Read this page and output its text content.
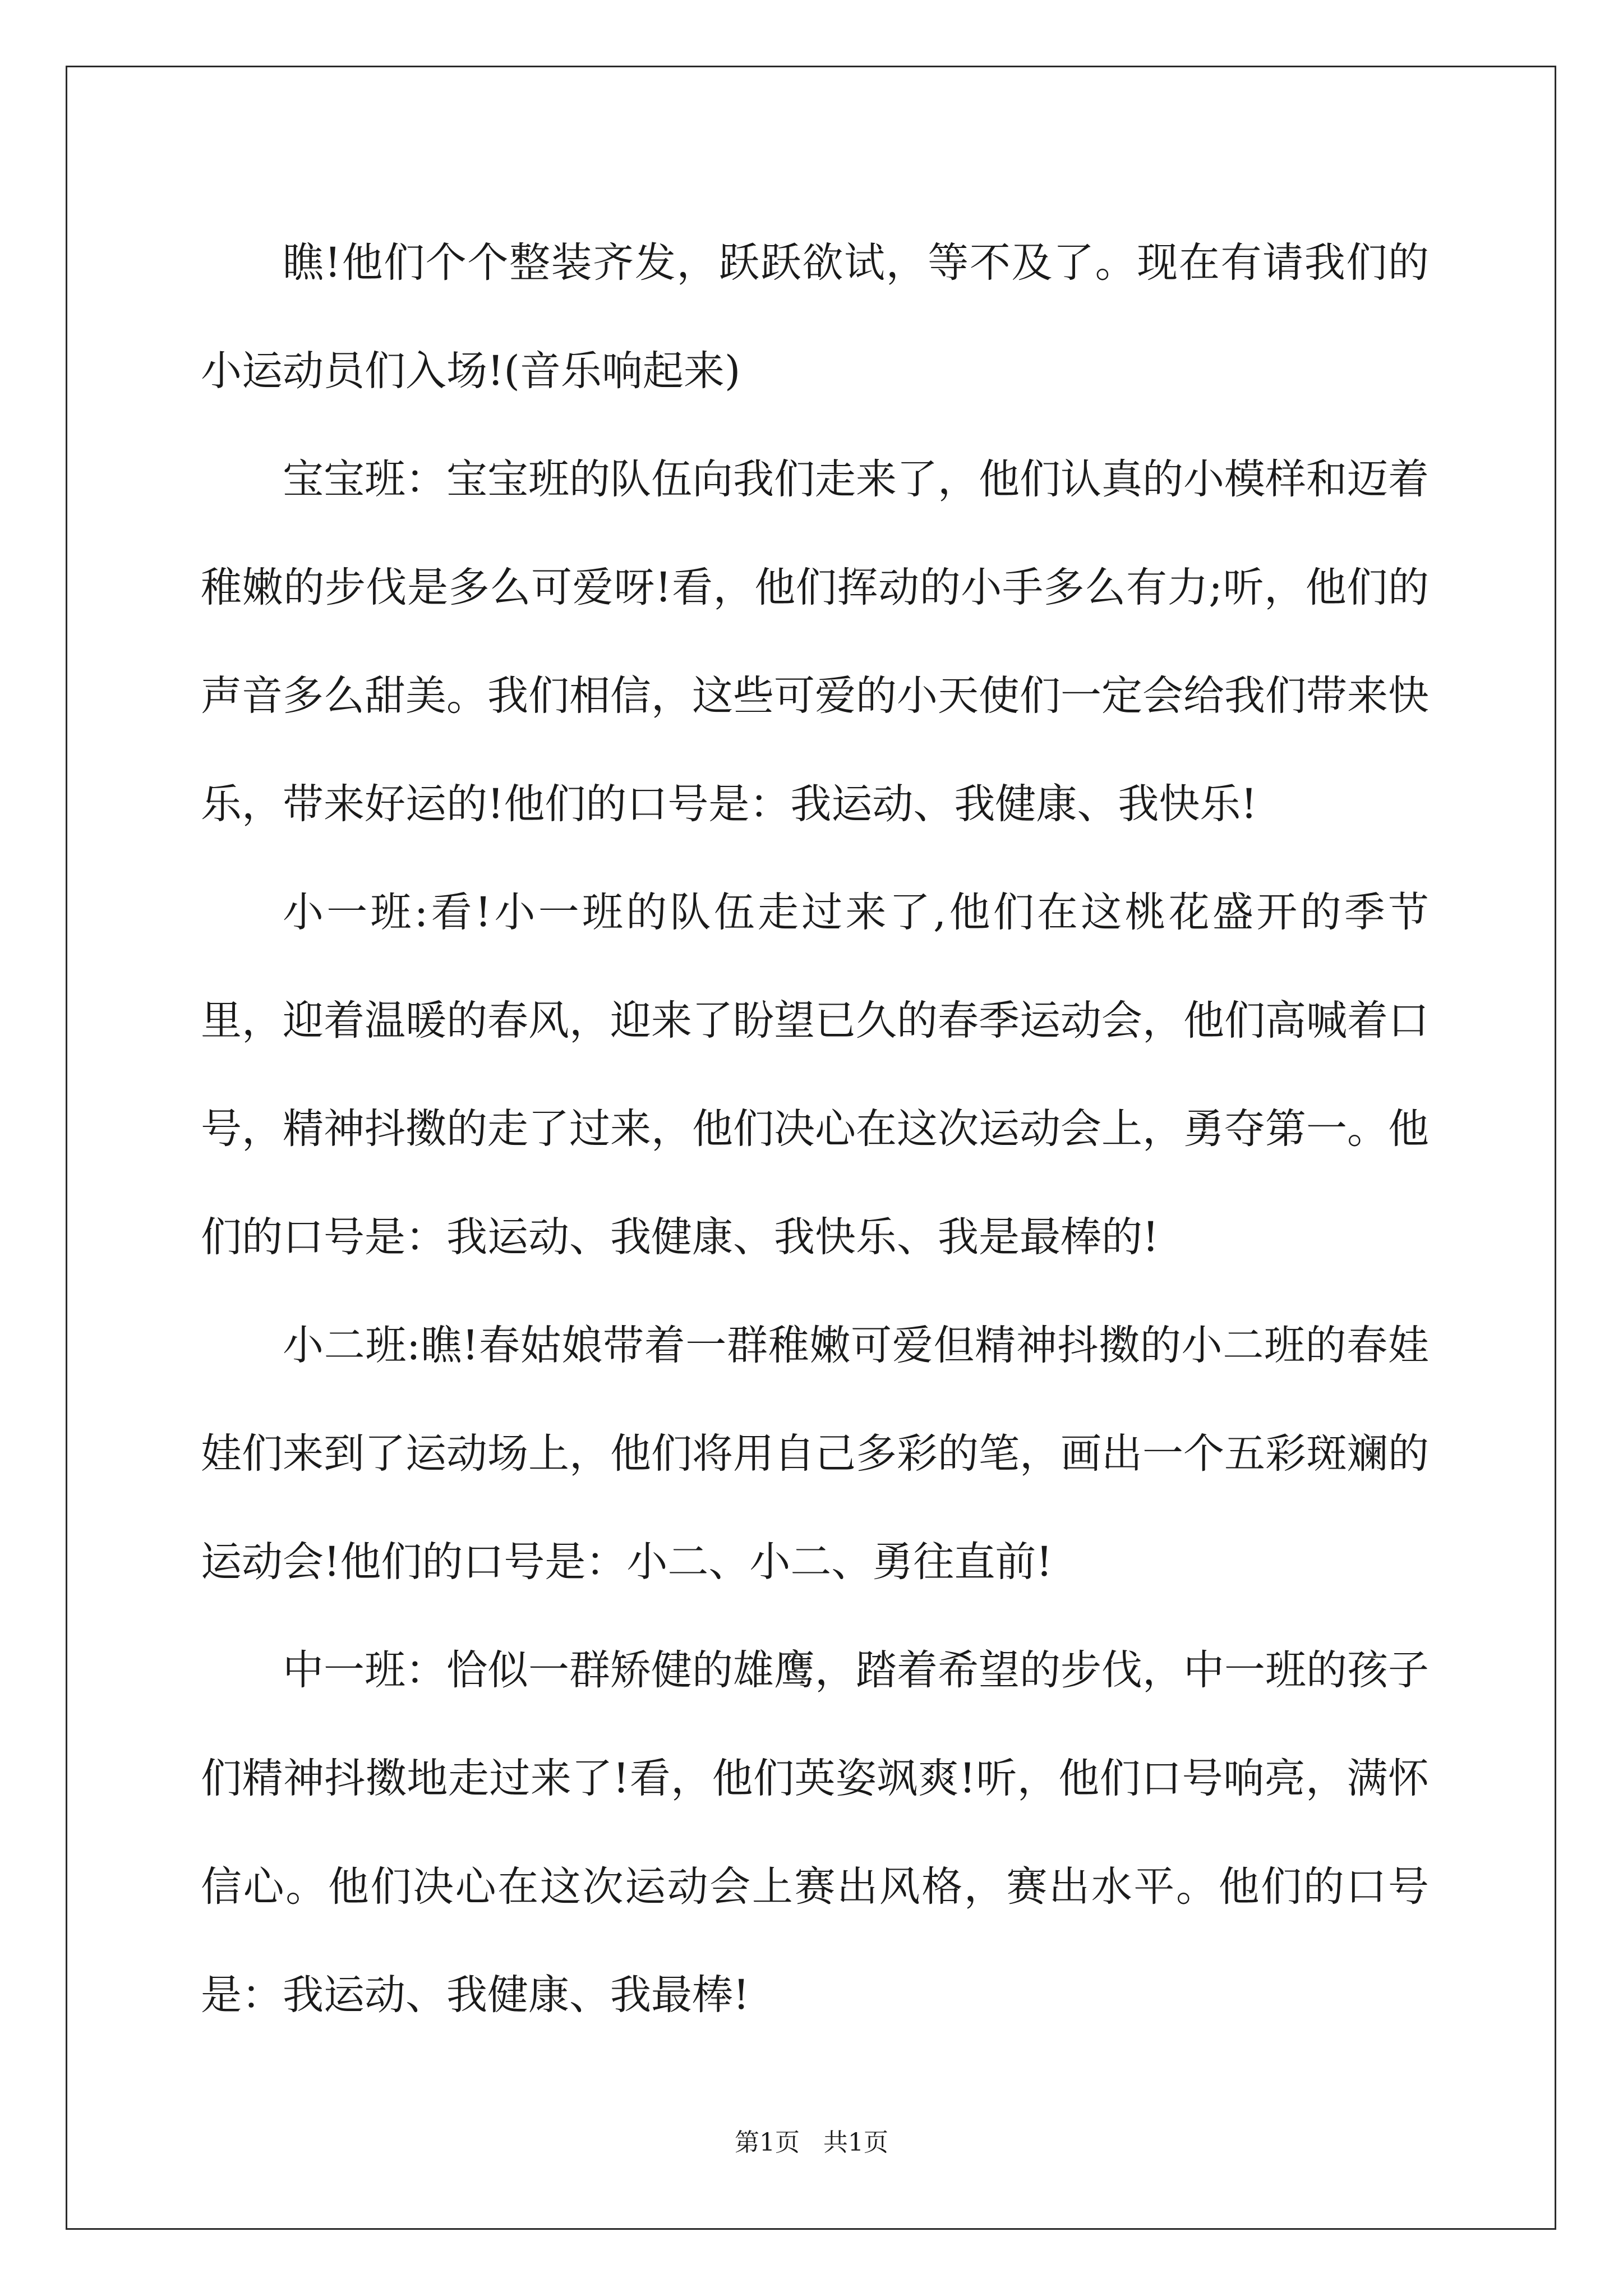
瞧!他们个个整装齐发，跃跃欲试，等不及了。现在有请我们的小运动员们入场!(音乐响起来)

宝宝班：宝宝班的队伍向我们走来了，他们认真的小模样和迈着稚嫩的步伐是多么可爱呀!看，他们挥动的小手多么有力;听，他们的声音多么甜美。我们相信，这些可爱的小天使们一定会给我们带来快乐，带来好运的!他们的口号是：我运动、我健康、我快乐!

小一班:看!小一班的队伍走过来了,他们在这桃花盛开的季节里，迎着温暖的春风，迎来了盼望已久的春季运动会，他们高喊着口号，精神抖擞的走了过来，他们决心在这次运动会上，勇夺第一。他们的口号是：我运动、我健康、我快乐、我是最棒的!

小二班:瞧!春姑娘带着一群稚嫩可爱但精神抖擞的小二班的春娃娃们来到了运动场上，他们将用自己多彩的笔，画出一个五彩斑斓的运动会!他们的口号是：小二、小二、勇往直前!

中一班：恰似一群矫健的雄鹰，踏着希望的步伐，中一班的孩子们精神抖擞地走过来了!看，他们英姿飒爽!听，他们口号响亮，满怀信心。他们决心在这次运动会上赛出风格，赛出水平。他们的口号是：我运动、我健康、我最棒!

第1页 共1页
